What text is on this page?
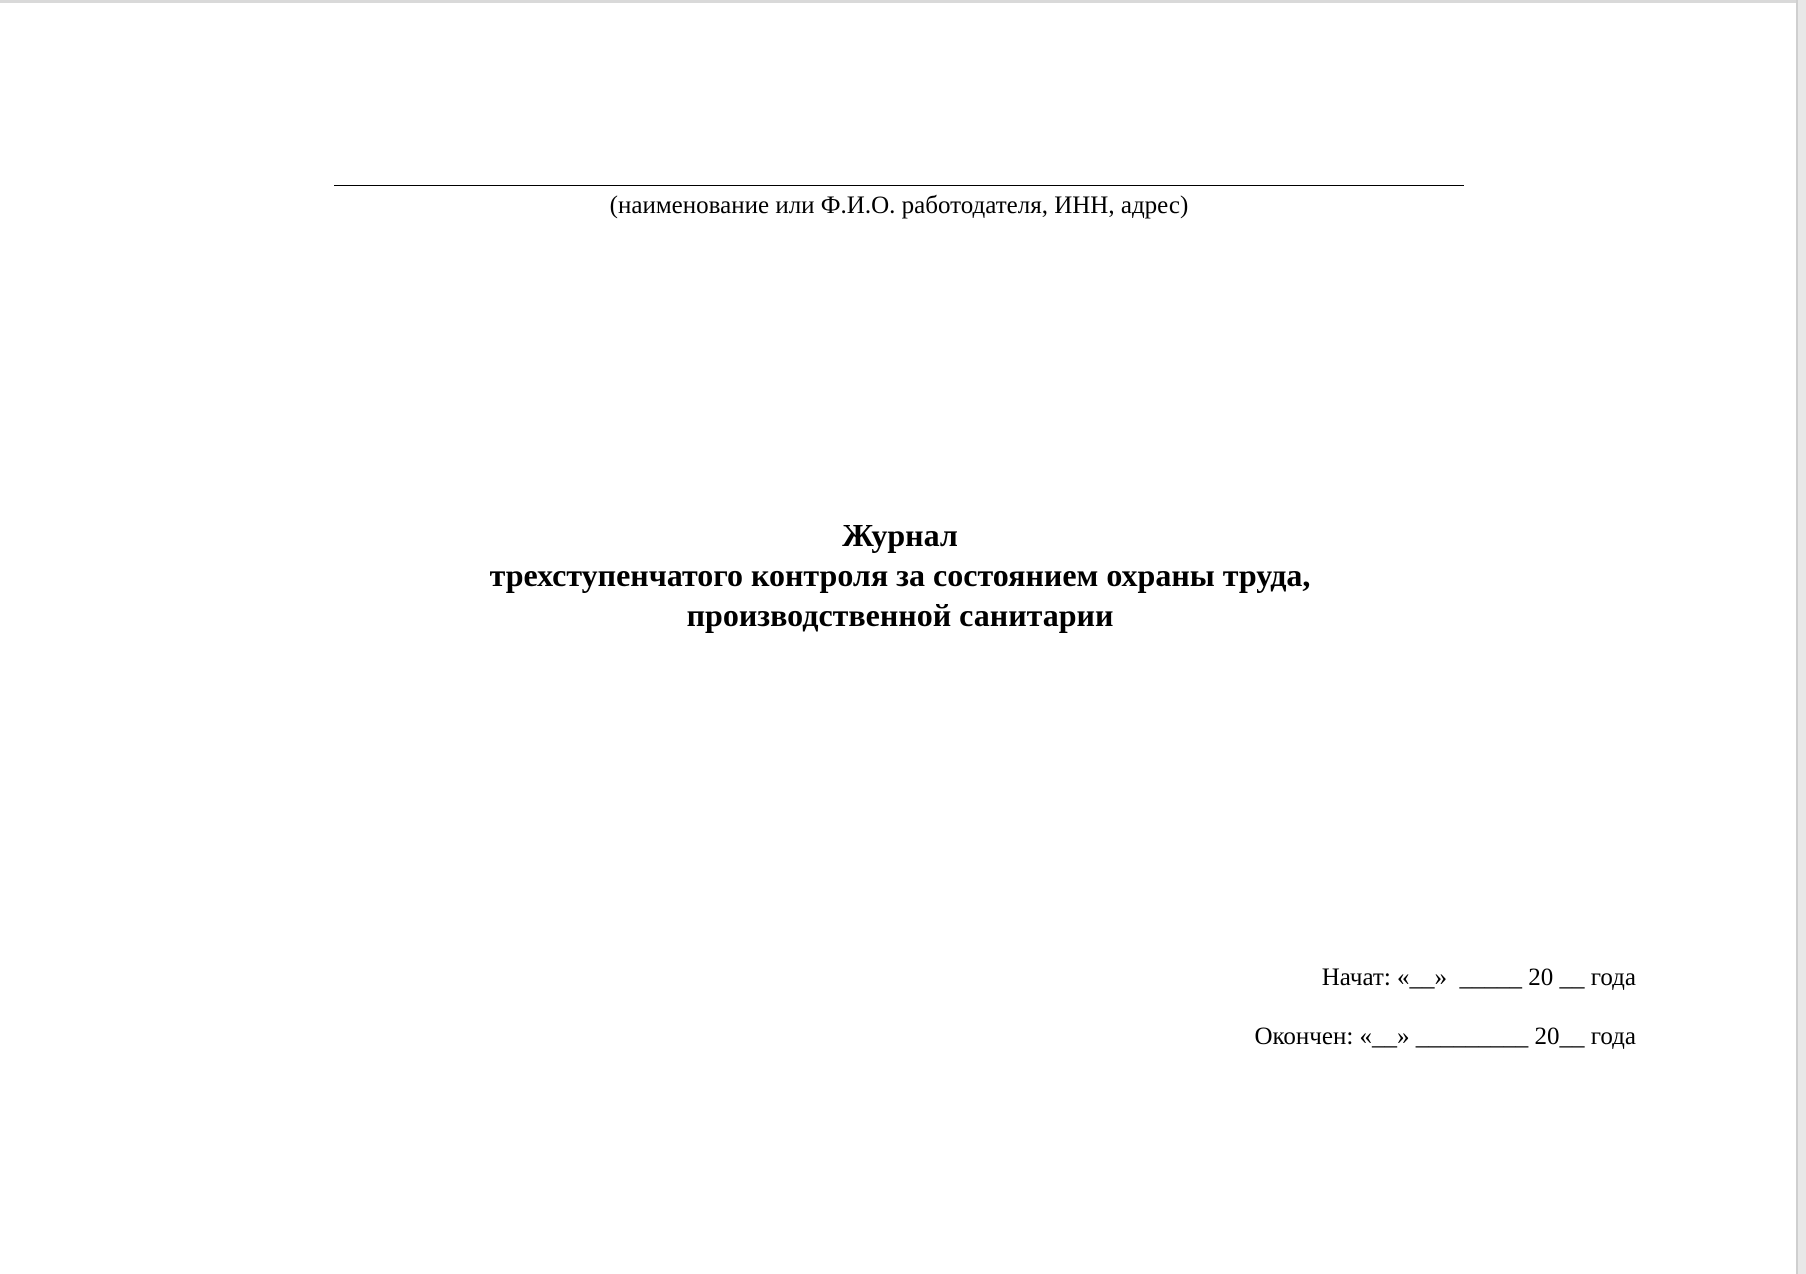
(наименование или Ф.И.О. работодателя, ИНН, адрес)
Журнал
трехступенчатого контроля за состоянием охраны труда,
производственной санитарии
Начат: «__»  _____ 20 __ года
Окончен: «__» _________ 20__ года
